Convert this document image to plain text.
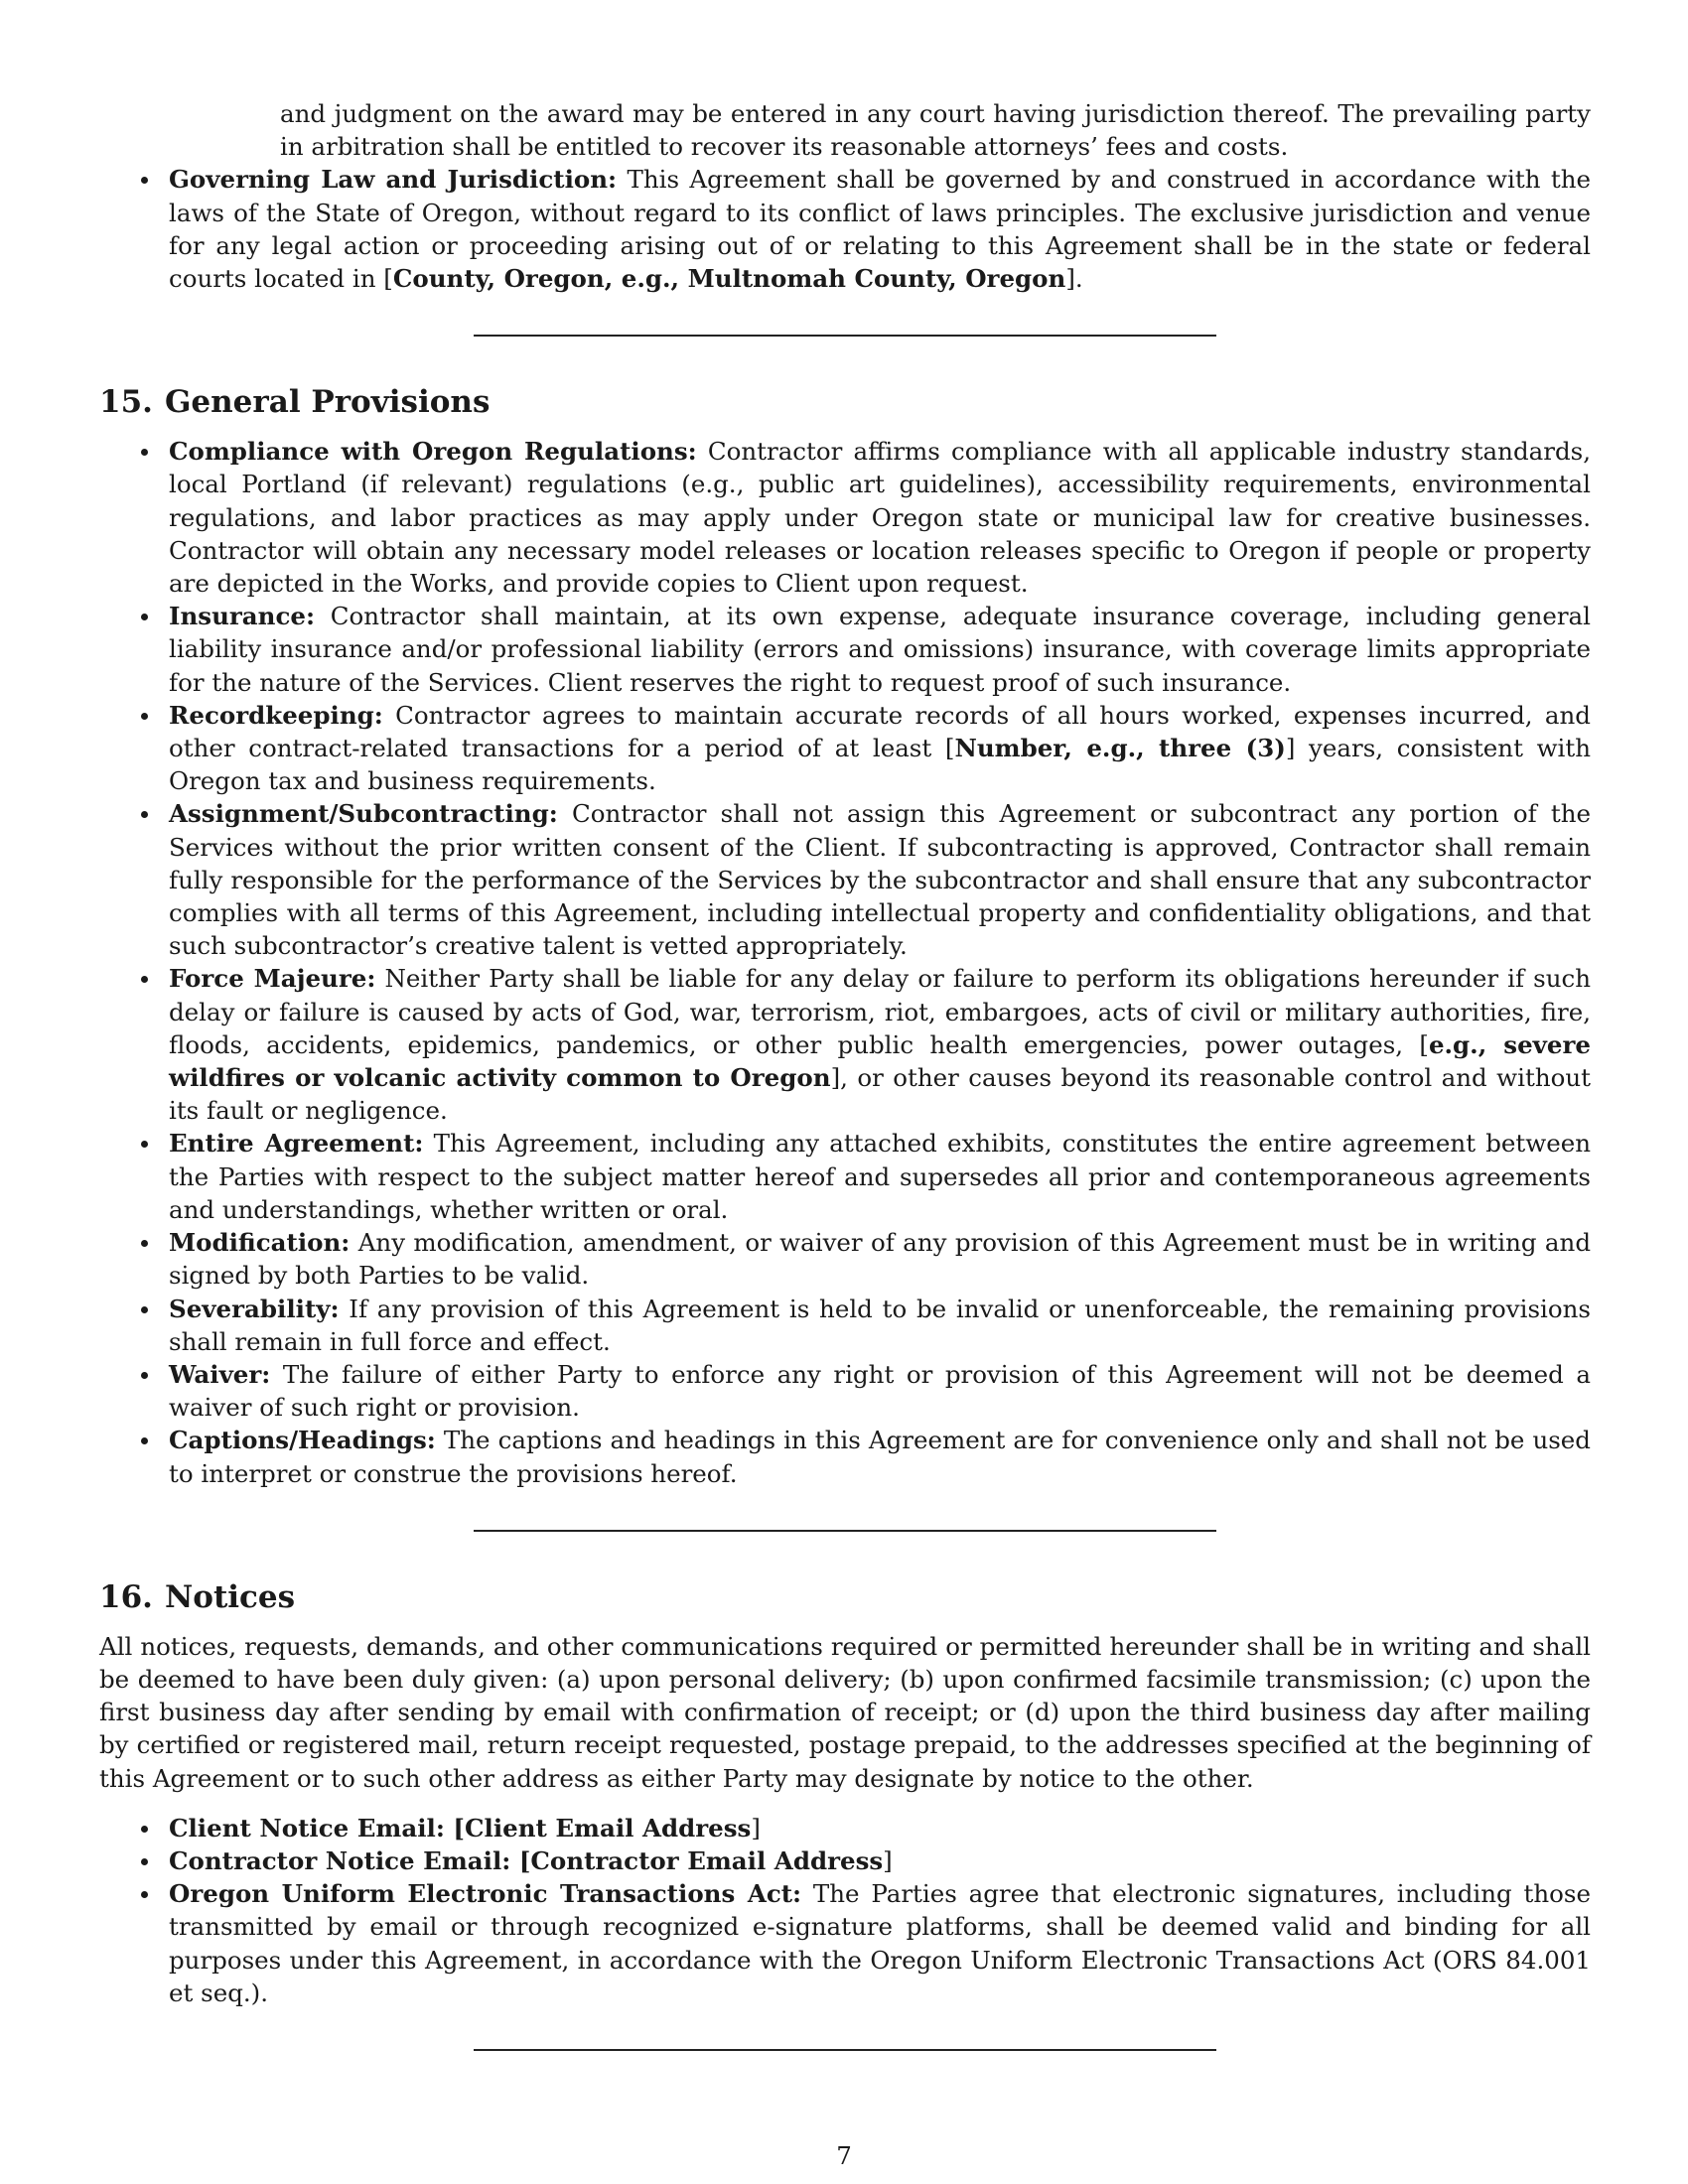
and judgment on the award may be entered in any court having jurisdiction thereof. The prevailing party in arbitration shall be entitled to recover its reasonable attorneys’ fees and costs.
Governing Law and Jurisdiction: This Agreement shall be governed by and construed in accordance with the laws of the State of Oregon, without regard to its conflict of laws principles. The exclusive jurisdiction and venue for any legal action or proceeding arising out of or relating to this Agreement shall be in the state or federal courts located in [County, Oregon, e.g., Multnomah County, Oregon].
15. General Provisions
Compliance with Oregon Regulations: Contractor affirms compliance with all applicable industry standards, local Portland (if relevant) regulations (e.g., public art guidelines), accessibility requirements, environmental regulations, and labor practices as may apply under Oregon state or municipal law for creative businesses. Contractor will obtain any necessary model releases or location releases specific to Oregon if people or property are depicted in the Works, and provide copies to Client upon request.
Insurance: Contractor shall maintain, at its own expense, adequate insurance coverage, including general liability insurance and/or professional liability (errors and omissions) insurance, with coverage limits appropriate for the nature of the Services. Client reserves the right to request proof of such insurance.
Recordkeeping: Contractor agrees to maintain accurate records of all hours worked, expenses incurred, and other contract-related transactions for a period of at least [Number, e.g., three (3)] years, consistent with Oregon tax and business requirements.
Assignment/Subcontracting: Contractor shall not assign this Agreement or subcontract any portion of the Services without the prior written consent of the Client. If subcontracting is approved, Contractor shall remain fully responsible for the performance of the Services by the subcontractor and shall ensure that any subcontractor complies with all terms of this Agreement, including intellectual property and confidentiality obligations, and that such subcontractor’s creative talent is vetted appropriately.
Force Majeure: Neither Party shall be liable for any delay or failure to perform its obligations hereunder if such delay or failure is caused by acts of God, war, terrorism, riot, embargoes, acts of civil or military authorities, fire, floods, accidents, epidemics, pandemics, or other public health emergencies, power outages, [e.g., severe wildfires or volcanic activity common to Oregon], or other causes beyond its reasonable control and without its fault or negligence.
Entire Agreement: This Agreement, including any attached exhibits, constitutes the entire agreement between the Parties with respect to the subject matter hereof and supersedes all prior and contemporaneous agreements and understandings, whether written or oral.
Modification: Any modification, amendment, or waiver of any provision of this Agreement must be in writing and signed by both Parties to be valid.
Severability: If any provision of this Agreement is held to be invalid or unenforceable, the remaining provisions shall remain in full force and effect.
Waiver: The failure of either Party to enforce any right or provision of this Agreement will not be deemed a waiver of such right or provision.
Captions/Headings: The captions and headings in this Agreement are for convenience only and shall not be used to interpret or construe the provisions hereof.
16. Notices

All notices, requests, demands, and other communications required or permitted hereunder shall be in writing and shall be deemed to have been duly given: (a) upon personal delivery; (b) upon confirmed facsimile transmission; (c) upon the first business day after sending by email with confirmation of receipt; or (d) upon the third business day after mailing by certified or registered mail, return receipt requested, postage prepaid, to the addresses specified at the beginning of this Agreement or to such other address as either Party may designate by notice to the other.

Client Notice Email: [Client Email Address]
Contractor Notice Email: [Contractor Email Address]
Oregon Uniform Electronic Transactions Act: The Parties agree that electronic signatures, including those transmitted by email or through recognized e-signature platforms, shall be deemed valid and binding for all purposes under this Agreement, in accordance with the Oregon Uniform Electronic Transactions Act (ORS 84.001 et seq.).
7
